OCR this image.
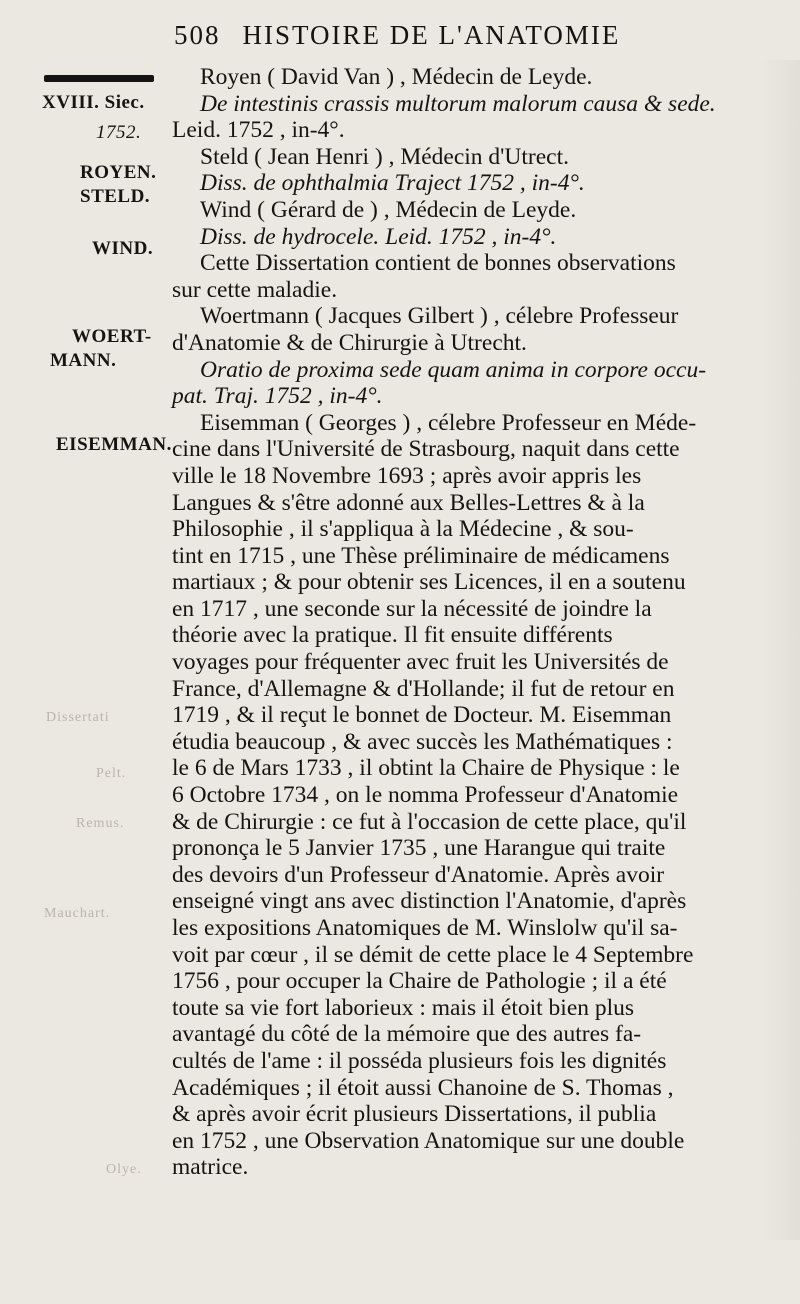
508 HISTOIRE DE L'ANATOMIE
XVIII. Siec.
1752.
ROYEN.
STELD.
WIND.
WOERT-
MANN.
EISEMMAN.
Dissertati
Pelt.
Remus.
Mauchart.
Olye.
Royen ( David Van ) , Médecin de Leyde.
De intestinis crassis multorum malorum causa & sede.
Leid. 1752 , in-4°.
Steld ( Jean Henri ) , Médecin d'Utrect.
Diss. de ophthalmia Traject 1752 , in-4°.
Wind ( Gérard de ) , Médecin de Leyde.
Diss. de hydrocele. Leid. 1752 , in-4°.
Cette Dissertation contient de bonnes observations
sur cette maladie.
Woertmann ( Jacques Gilbert ) , célebre Professeur
d'Anatomie & de Chirurgie à Utrecht.
Oratio de proxima sede quam anima in corpore occu-
pat. Traj. 1752 , in-4°.
Eisemman ( Georges ) , célebre Professeur en Méde-
cine dans l'Université de Strasbourg, naquit dans cette
ville le 18 Novembre 1693 ; après avoir appris les
Langues & s'être adonné aux Belles-Lettres & à la
Philosophie , il s'appliqua à la Médecine , & sou-
tint en 1715 , une Thèse préliminaire de médicamens
martiaux ; & pour obtenir ses Licences, il en a soutenu
en 1717 , une seconde sur la nécessité de joindre la
théorie avec la pratique. Il fit ensuite différents
voyages pour fréquenter avec fruit les Universités de
France, d'Allemagne & d'Hollande; il fut de retour en
1719 , & il reçut le bonnet de Docteur. M. Eisemman
étudia beaucoup , & avec succès les Mathématiques :
le 6 de Mars 1733 , il obtint la Chaire de Physique : le
6 Octobre 1734 , on le nomma Professeur d'Anatomie
& de Chirurgie : ce fut à l'occasion de cette place, qu'il
prononça le 5 Janvier 1735 , une Harangue qui traite
des devoirs d'un Professeur d'Anatomie. Après avoir
enseigné vingt ans avec distinction l'Anatomie, d'après
les expositions Anatomiques de M. Winslolw qu'il sa-
voit par cœur , il se démit de cette place le 4 Septembre
1756 , pour occuper la Chaire de Pathologie ; il a été
toute sa vie fort laborieux : mais il étoit bien plus
avantagé du côté de la mémoire que des autres fa-
cultés de l'ame : il posséda plusieurs fois les dignités
Académiques ; il étoit aussi Chanoine de S. Thomas ,
& après avoir écrit plusieurs Dissertations, il publia
en 1752 , une Observation Anatomique sur une double
matrice.
